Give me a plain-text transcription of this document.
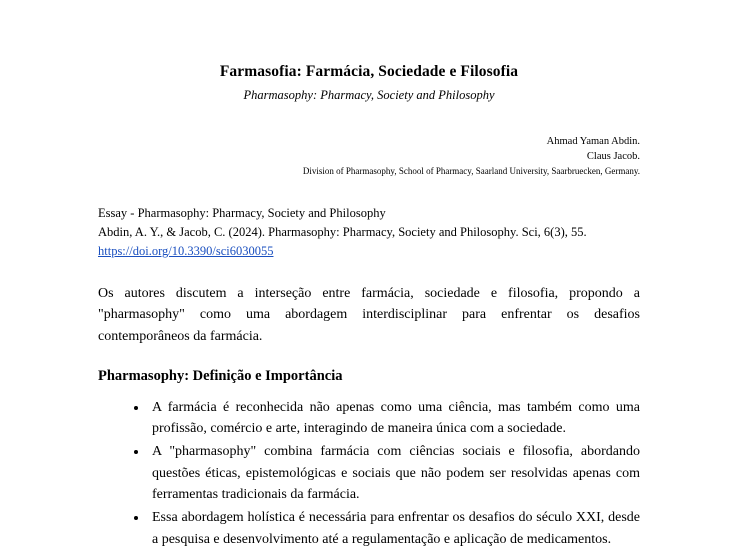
Farmasofia: Farmácia, Sociedade e Filosofia

Pharmasophy: Pharmacy, Society and Philosophy

Ahmad Yaman Abdin.
Claus Jacob.
Division of Pharmasophy, School of Pharmacy, Saarland University, Saarbruecken, Germany.
Essay - Pharmasophy: Pharmacy, Society and Philosophy
Abdin, A. Y., & Jacob, C. (2024). Pharmasophy: Pharmacy, Society and Philosophy. Sci, 6(3), 55.
https://doi.org/10.3390/sci6030055

Os autores discutem a interseção entre farmácia, sociedade e filosofia, propondo a "pharmasophy" como uma abordagem interdisciplinar para enfrentar os desafios contemporâneos da farmácia.

Pharmasophy: Definição e Importância
• A farmácia é reconhecida não apenas como uma ciência, mas também como uma profissão, comércio e arte, interagindo de maneira única com a sociedade.
• A "pharmasophy" combina farmácia com ciências sociais e filosofia, abordando questões éticas, epistemológicas e sociais que não podem ser resolvidas apenas com ferramentas tradicionais da farmácia.
• Essa abordagem holística é necessária para enfrentar os desafios do século XXI, desde a pesquisa e desenvolvimento até a regulamentação e aplicação de medicamentos.
